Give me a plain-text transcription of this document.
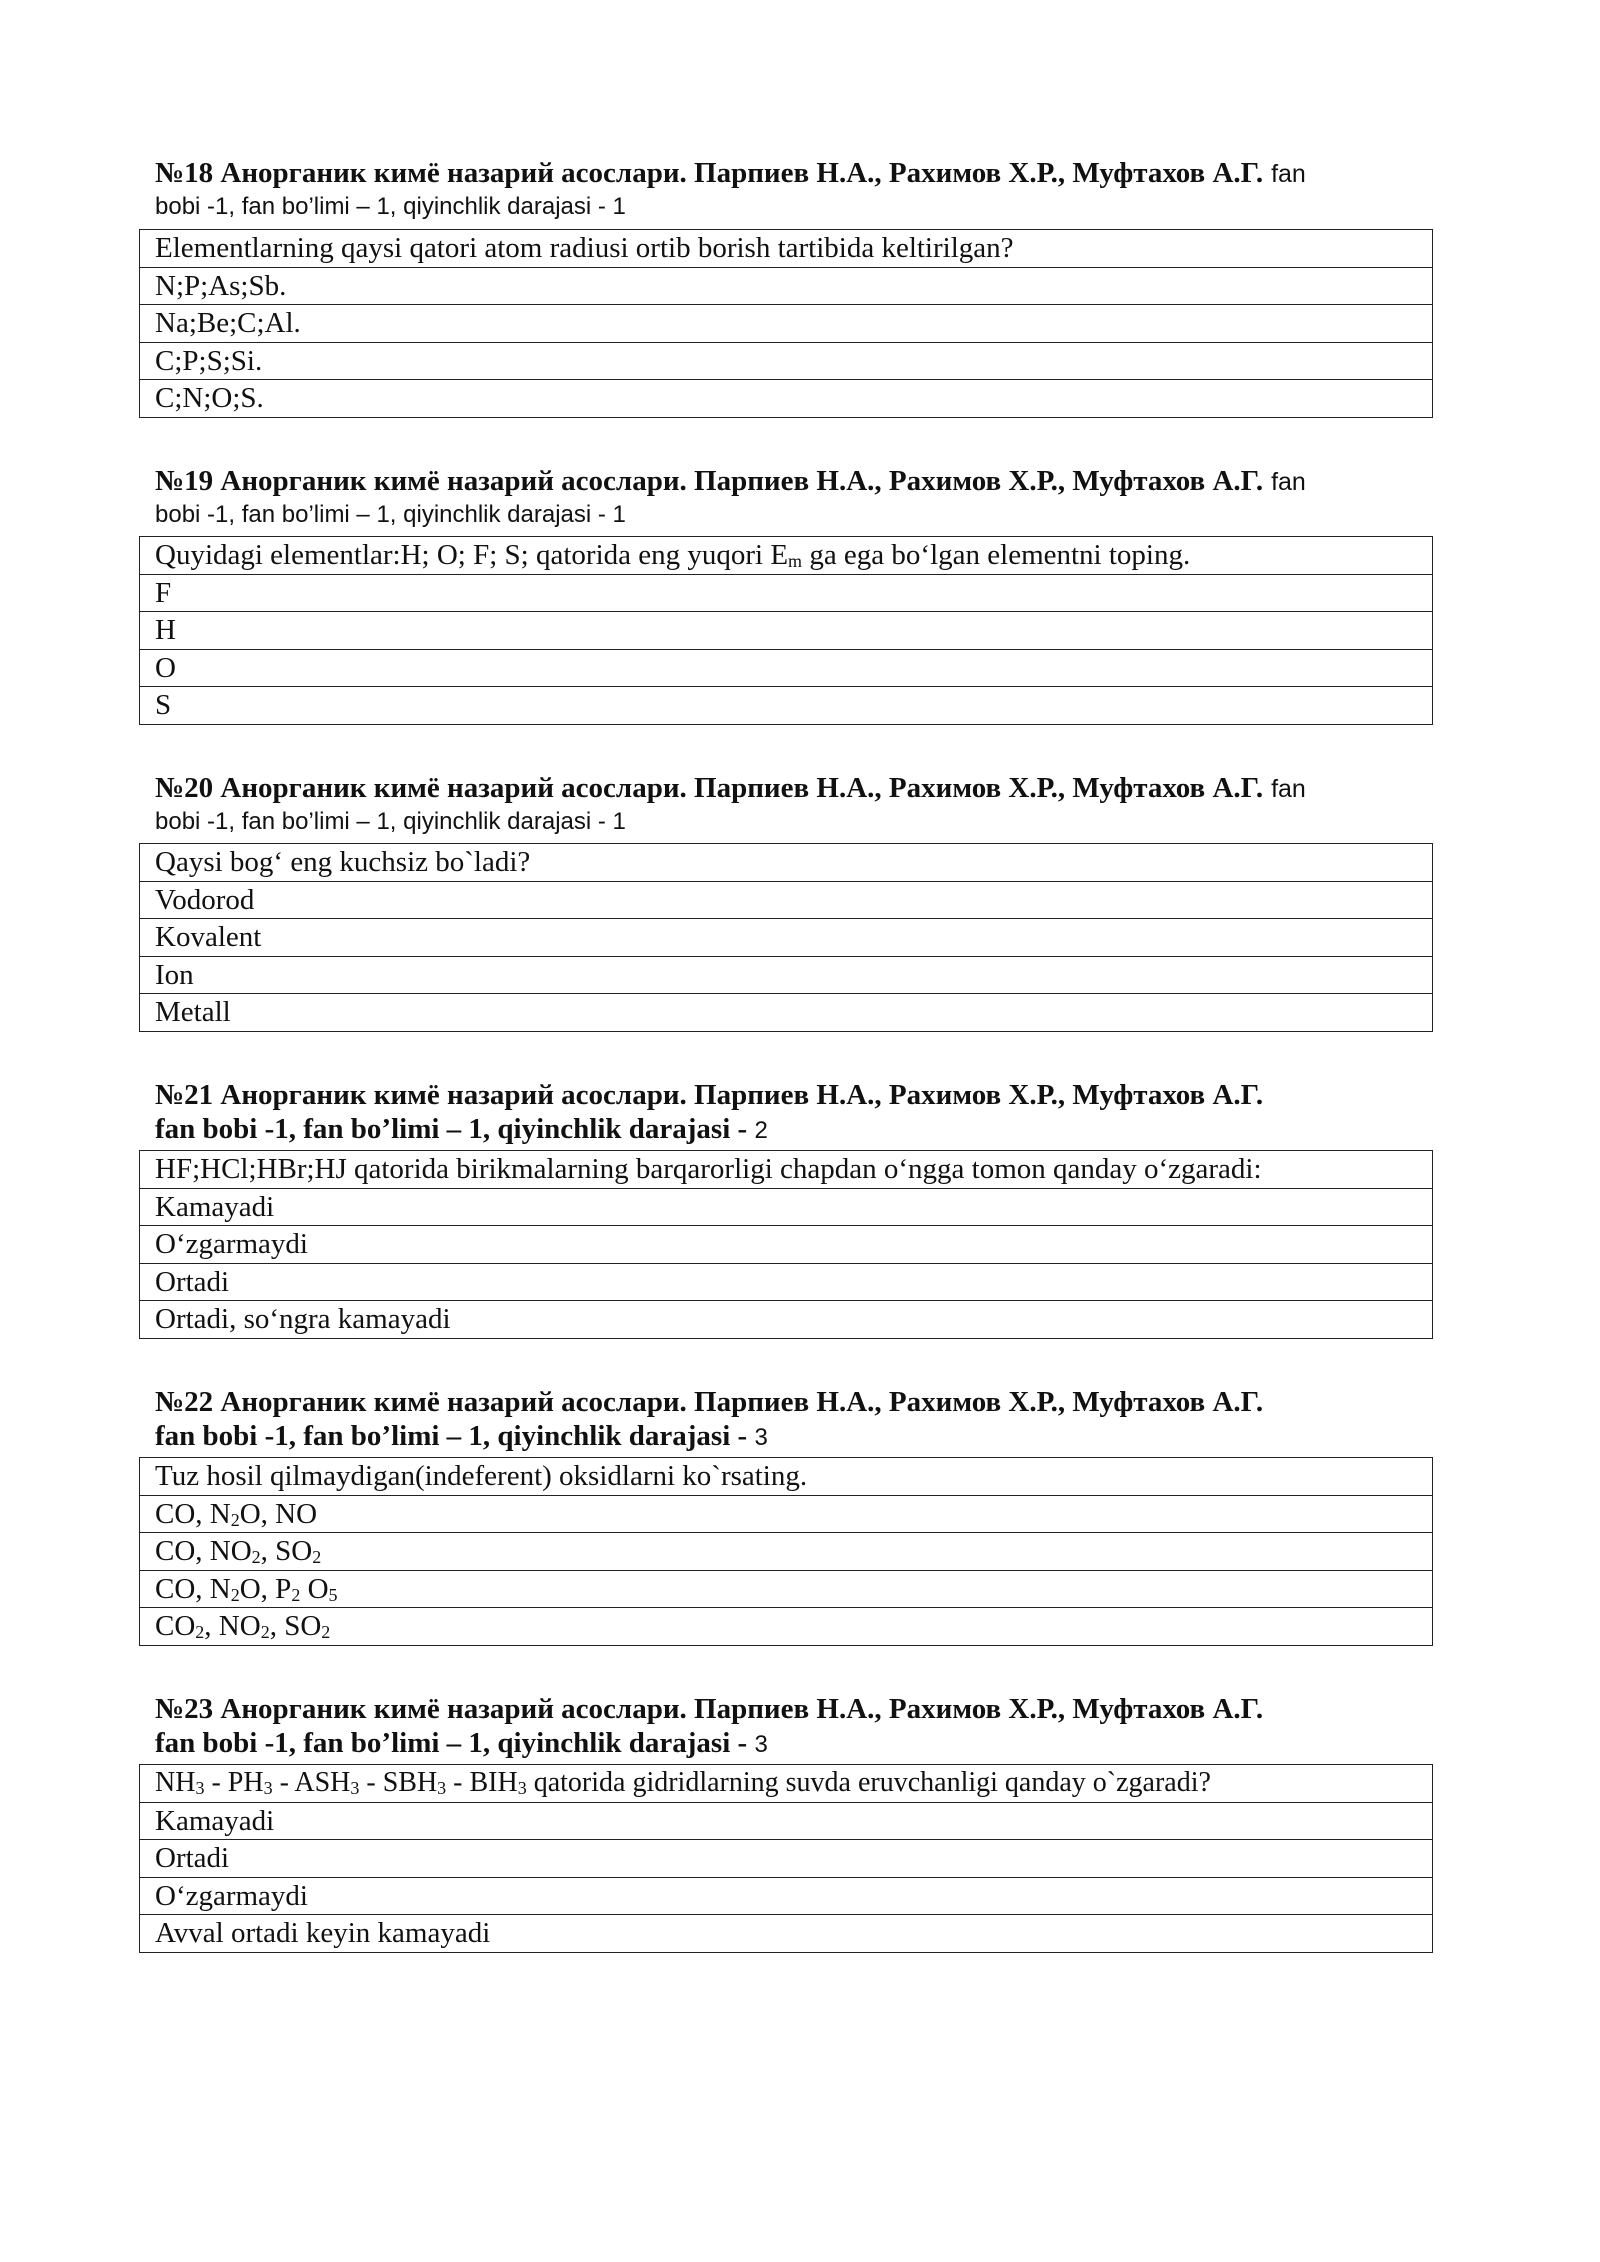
№18 Анорганик кимё назарий асослари. Парпиев Н.А., Рахимов Х.Р., Муфтахов А.Г. fan
bobi -1, fan bo’limi – 1, qiyinchlik darajasi - 1
Elementlarning qaysi qatori atom radiusi ortib borish tartibida keltirilgan?
N;P;As;Sb.
Na;Be;C;Al.
C;P;S;Si.
C;N;O;S.
№19 Анорганик кимё назарий асослари. Парпиев Н.А., Рахимов Х.Р., Муфтахов А.Г. fan
bobi -1, fan bo’limi – 1, qiyinchlik darajasi - 1
Quyidagi elementlar:H; O; F; S; qatorida eng yuqori $E_m$ ga ega bo‘lgan elementni toping.
F
H
O
S
№20 Анорганик кимё назарий асослари. Парпиев Н.А., Рахимов Х.Р., Муфтахов А.Г. fan
bobi -1, fan bo’limi – 1, qiyinchlik darajasi - 1
Qaysi bog‘ eng kuchsiz bo`ladi?
Vodorod
Kovalent
Ion
Metall
№21 Анорганик кимё назарий асослари. Парпиев Н.А., Рахимов Х.Р., Муфтахов А.Г.
fan bobi -1, fan bo’limi – 1, qiyinchlik darajasi - 2
HF;HCl;HBr;HJ qatorida birikmalarning barqarorligi chapdan o‘ngga tomon qanday o‘zgaradi:
Kamayadi
O‘zgarmaydi
Ortadi
Ortadi, so‘ngra kamayadi
№22 Анорганик кимё назарий асослари. Парпиев Н.А., Рахимов Х.Р., Муфтахов А.Г.
fan bobi -1, fan bo’limi – 1, qiyinchlik darajasi - 3
Tuz hosil qilmaydigan(indeferent) oksidlarni ko`rsating.
CO, $N_2O$, NO
CO, $NO_2$, $SO_2$
CO, $N_2O$, $P_2$ $O_5$
$CO_2$, $NO_2$, $SO_2$
№23 Анорганик кимё назарий асослари. Парпиев Н.А., Рахимов Х.Р., Муфтахов А.Г.
fan bobi -1, fan bo’limi – 1, qiyinchlik darajasi - 3
$NH_3 - PH_3 - ASH_3 - SBH_3 - BIH_3$ qatorida gidridlarning suvda eruvchanligi qanday o`zgaradi?
Kamayadi
Ortadi
O‘zgarmaydi
Avval ortadi keyin kamayadi
